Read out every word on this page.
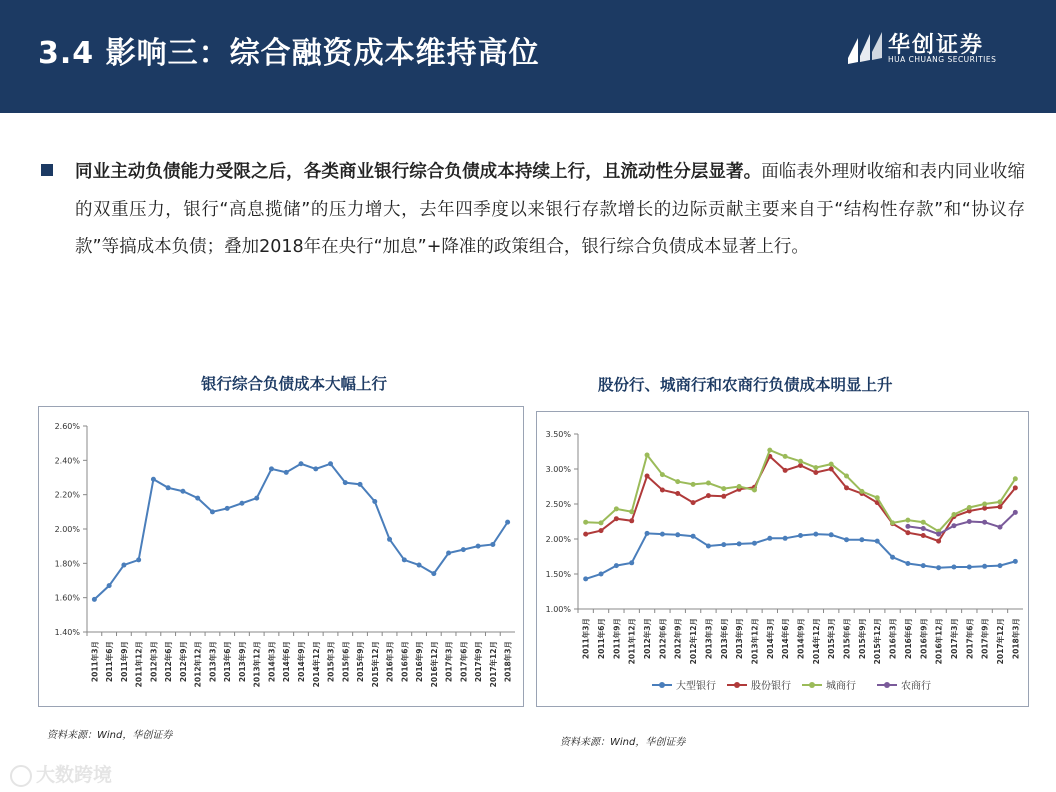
3.4 影响三：综合融资成本维持高位	华创证券
HUA CHUANG SECURITIES
同业主动负债能力受限之后，各类商业银行综合负债成本持续上行，且流动性分层显著。面临表外理财收缩和表内同业收缩的双重压力，银行“高息揽储”的压力增大，去年四季度以来银行存款增长的边际贡献主要来自于“结构性存款”和“协议存款”等搞成本负债；叠加2018年在央行“加息”+降准的政策组合，银行综合负债成本显著上行。
银行综合负债成本大幅上行	股份行、城商行和农商行负债成本明显上升
1.40%
1.60%
1.80%
2.00%
2.20%
2.40%
2.60%
2011年3月 2011年6月 2011年9月 2011年12月 2012年3月 2012年6月 2012年9月 2012年12月 2013年3月 2013年6月 2013年9月 2013年12月 2014年3月 2014年6月 2014年9月 2014年12月 2015年3月 2015年6月 2015年9月 2015年12月 2016年3月 2016年6月 2016年9月 2016年12月 2017年3月 2017年6月 2017年9月 2017年12月 2018年3月
1.00%
1.50%
2.00%
2.50%
3.00%
3.50%
2011年3月 2011年6月 2011年9月 2011年12月 2012年3月 2012年6月 2012年9月 2012年12月 2013年3月 2013年6月 2013年9月 2013年12月 2014年3月 2014年6月 2014年9月 2014年12月 2015年3月 2015年6月 2015年9月 2015年12月 2016年3月 2016年6月 2016年9月 2016年12月 2017年3月 2017年6月 2017年9月 2017年12月 2018年3月
大型银行	股份银行	城商行	农商行
资料来源：Wind，华创证券
资料来源：Wind，华创证券
大数跨境
